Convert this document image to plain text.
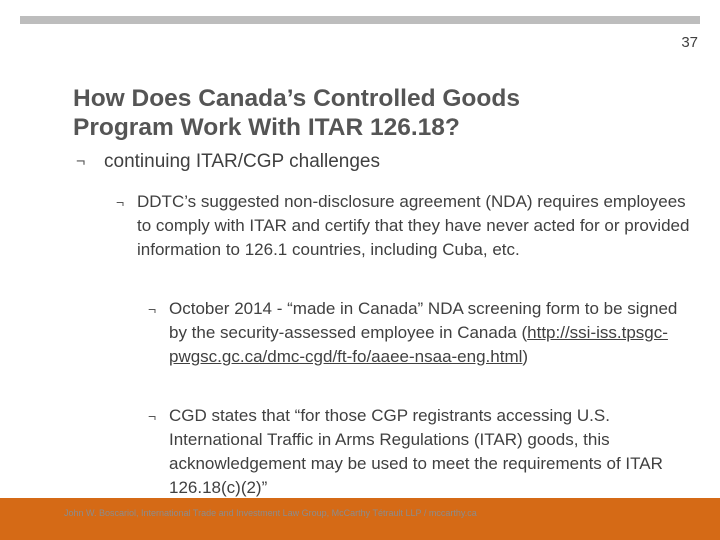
37
How Does Canada’s Controlled Goods
Program Work With ITAR 126.18?
¬ continuing ITAR/CGP challenges
¬ DDTC’s suggested non-disclosure agreement (NDA) requires employees to comply with ITAR and certify that they have never acted for or provided information to 126.1 countries, including Cuba, etc.
¬ October 2014 - “made in Canada” NDA screening form to be signed by the security-assessed employee in Canada (http://ssi-iss.tpsgc-pwgsc.gc.ca/dmc-cgd/ft-fo/aaee-nsaa-eng.html)
¬ CGD states that “for those CGP registrants accessing U.S. International Traffic in Arms Regulations (ITAR) goods, this acknowledgement may be used to meet the requirements of ITAR 126.18(c)(2)”
John W. Boscariol, International Trade and Investment Law Group, McCarthy Tétrault LLP / mccarthy.ca
